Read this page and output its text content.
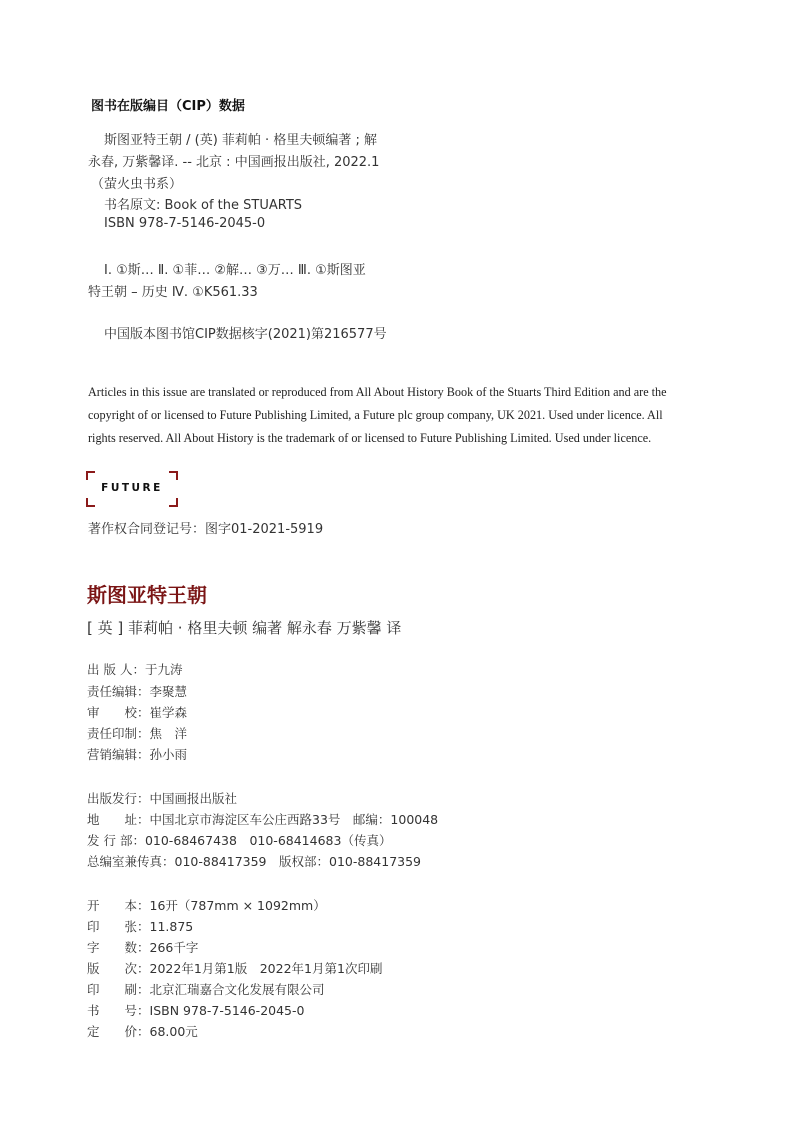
图书在版编目（CIP）数据
斯图亚特王朝 / (英) 菲莉帕 · 格里夫顿编著 ; 解
永春, 万紫馨译. -- 北京 : 中国画报出版社, 2022.1
（萤火虫书系）
书名原文: Book of the STUARTS
ISBN 978-7-5146-2045-0
Ⅰ. ①斯… Ⅱ. ①菲… ②解… ③万… Ⅲ. ①斯图亚
特王朝 – 历史 Ⅳ. ①K561.33
中国版本图书馆CIP数据核字(2021)第216577号
Articles in this issue are translated or reproduced from All About History Book of the Stuarts Third Edition and are the
copyright of or licensed to Future Publishing Limited, a Future plc group company, UK 2021. Used under licence. All
rights reserved. All About History is the trademark of or licensed to Future Publishing Limited. Used under licence.
FUTURE
著作权合同登记号：图字01-2021-5919
斯图亚特王朝
[ 英 ] 菲莉帕 · 格里夫顿 编著 解永春 万紫馨 译
出 版 人：于九涛
责任编辑：李聚慧
审　　校：崔学森
责任印制：焦　洋
营销编辑：孙小雨
出版发行：中国画报出版社
地　　址：中国北京市海淀区车公庄西路33号　邮编：100048
发 行 部：010-68467438　010-68414683（传真）
总编室兼传真：010-88417359　版权部：010-88417359
开　　本：16开（787mm × 1092mm）
印　　张：11.875
字　　数：266千字
版　　次：2022年1月第1版　2022年1月第1次印刷
印　　刷：北京汇瑞嘉合文化发展有限公司
书　　号：ISBN 978-7-5146-2045-0
定　　价：68.00元
